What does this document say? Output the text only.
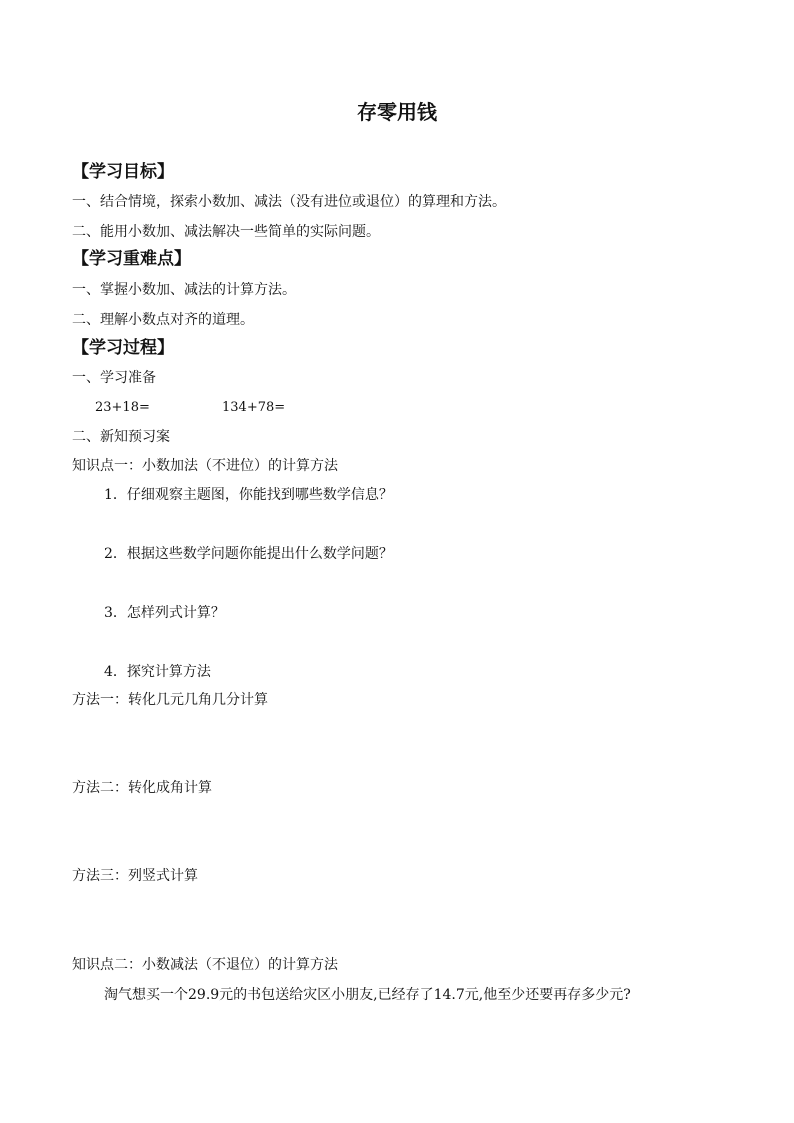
存零用钱
【学习目标】
一、结合情境，探索小数加、减法（没有进位或退位）的算理和方法。
二、能用小数加、减法解决一些简单的实际问题。
【学习重难点】
一、掌握小数加、减法的计算方法。
二、理解小数点对齐的道理。
【学习过程】
一、学习准备
23+18=	134+78=
二、新知预习案
知识点一：小数加法（不进位）的计算方法
1．仔细观察主题图，你能找到哪些数学信息？
2．根据这些数学问题你能提出什么数学问题？
3．怎样列式计算？
4．探究计算方法
方法一：转化几元几角几分计算
方法二：转化成角计算
方法三：列竖式计算
知识点二：小数减法（不退位）的计算方法
淘气想买一个29.9元的书包送给灾区小朋友,已经存了14.7元,他至少还要再存多少元?
